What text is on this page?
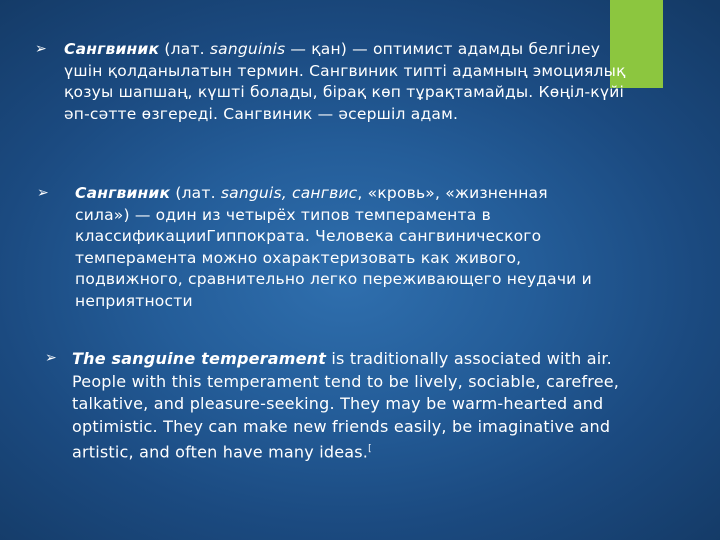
➢	Сангвиник (лат. sanguinis — қан) — оптимист адамды белгілеу үшін қолданылатын термин. Сангвиник типті адамның эмоциялық қозуы шапшаң, күшті болады, бірақ көп тұрақтамайды. Көңіл-күйі әп-сәтте өзгереді. Сангвиник — әсершіл адам.
➢	Сангвиник (лат. sanguis, сангвис, «кровь», «жизненная сила») — один из четырёх типов темперамента в классификацииГиппократа. Человека сангвинического темперамента можно охарактеризовать как живого, подвижного, сравнительно легко переживающего неудачи и неприятности
➢ The sanguine temperament is traditionally associated with air. People with this temperament tend to be lively, sociable, carefree, talkative, and pleasure-seeking. They may be warm-hearted and optimistic. They can make new friends easily, be imaginative and artistic, and often have many ideas.[
